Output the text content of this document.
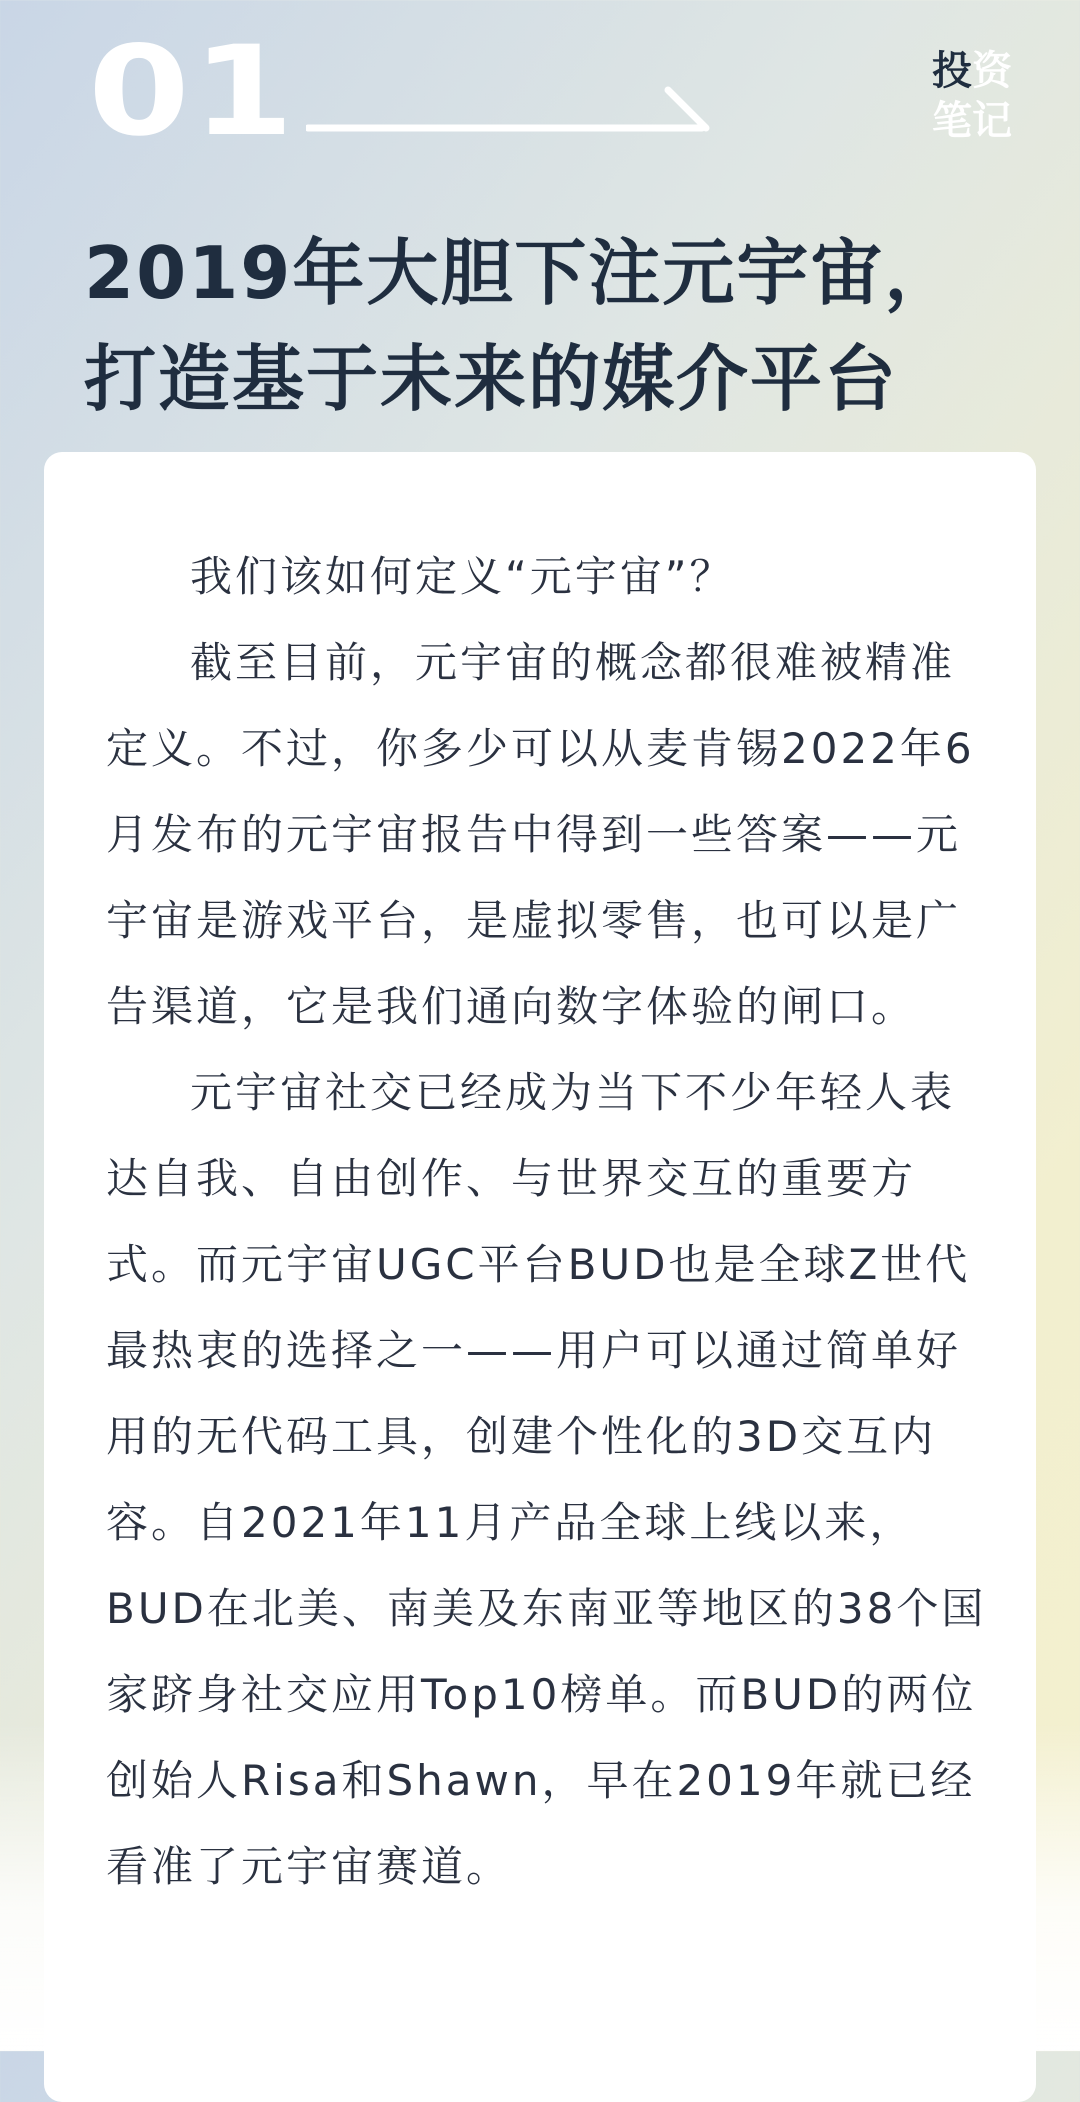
01	投资
笔记
2019年大胆下注元宇宙，
打造基于未来的媒介平台
我们该如何定义“元宇宙”？
截至目前，元宇宙的概念都很难被精准
定义。不过，你多少可以从麦肯锡2022年6
月发布的元宇宙报告中得到一些答案——元
宇宙是游戏平台，是虚拟零售，也可以是广
告渠道，它是我们通向数字体验的闸口。
元宇宙社交已经成为当下不少年轻人表
达自我、自由创作、与世界交互的重要方
式。而元宇宙UGC平台BUD也是全球Z世代
最热衷的选择之一——用户可以通过简单好
用的无代码工具，创建个性化的3D交互内
容。自2021年11月产品全球上线以来，
BUD在北美、南美及东南亚等地区的38个国
家跻身社交应用Top10榜单。而BUD的两位
创始人Risa和Shawn，早在2019年就已经
看准了元宇宙赛道。
